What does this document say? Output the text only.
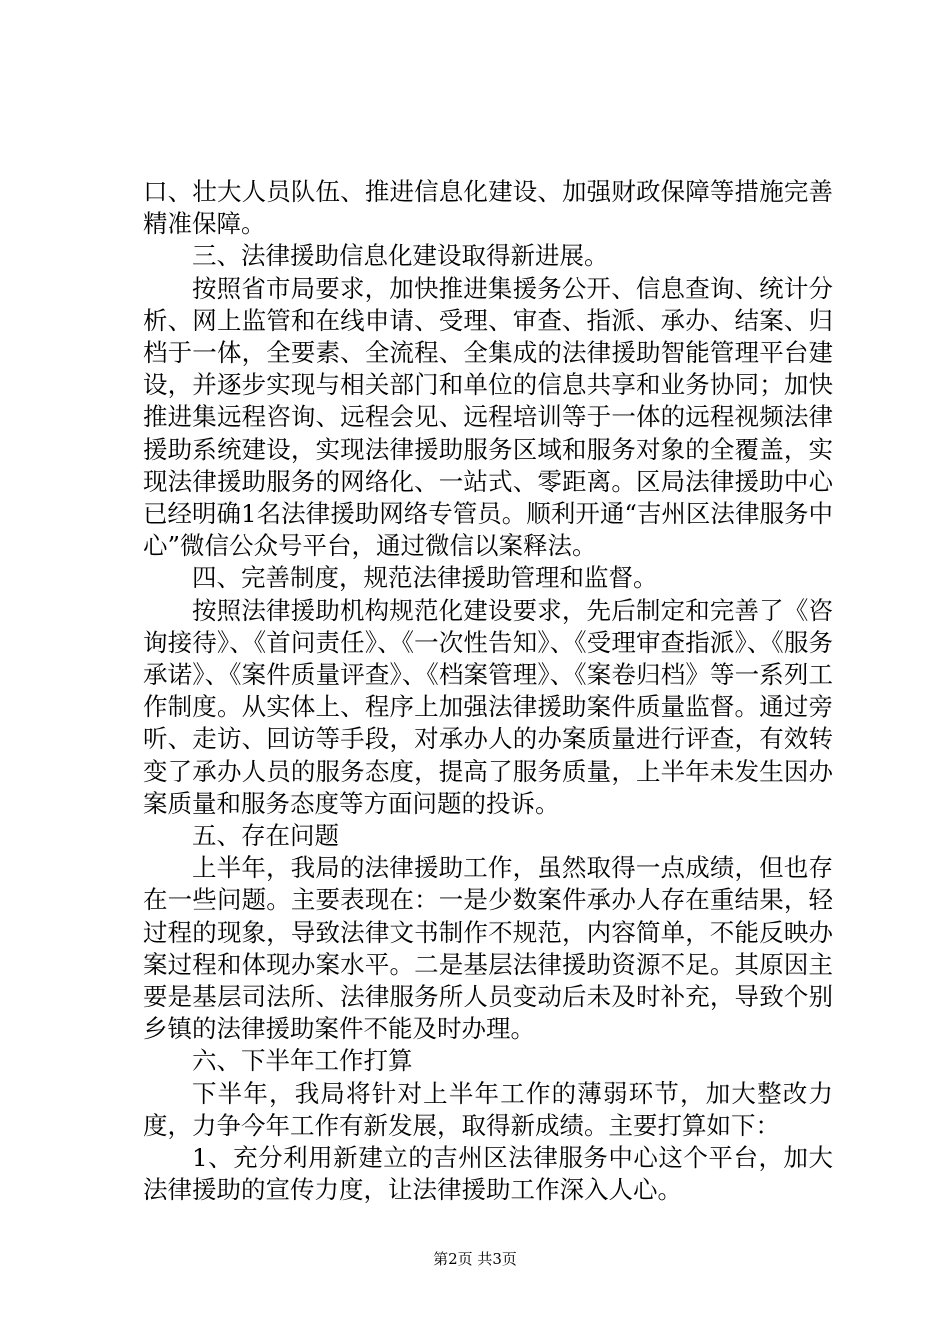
口、壮大人员队伍、推进信息化建设、加强财政保障等措施完善精准保障。

三、法律援助信息化建设取得新进展。

按照省市局要求，加快推进集援务公开、信息查询、统计分析、网上监管和在线申请、受理、审查、指派、承办、结案、归档于一体，全要素、全流程、全集成的法律援助智能管理平台建设，并逐步实现与相关部门和单位的信息共享和业务协同；加快推进集远程咨询、远程会见、远程培训等于一体的远程视频法律援助系统建设，实现法律援助服务区域和服务对象的全覆盖，实现法律援助服务的网络化、一站式、零距离。区局法律援助中心已经明确1名法律援助网络专管员。顺利开通“吉州区法律服务中心”微信公众号平台，通过微信以案释法。

四、完善制度，规范法律援助管理和监督。

按照法律援助机构规范化建设要求，先后制定和完善了《咨询接待》、《首问责任》、《一次性告知》、《受理审查指派》、《服务承诺》、《案件质量评查》、《档案管理》、《案卷归档》等一系列工作制度。从实体上、程序上加强法律援助案件质量监督。通过旁听、走访、回访等手段，对承办人的办案质量进行评查，有效转变了承办人员的服务态度，提高了服务质量，上半年未发生因办案质量和服务态度等方面问题的投诉。

五、存在问题

上半年，我局的法律援助工作，虽然取得一点成绩，但也存在一些问题。主要表现在：一是少数案件承办人存在重结果，轻过程的现象，导致法律文书制作不规范，内容简单，不能反映办案过程和体现办案水平。二是基层法律援助资源不足。其原因主要是基层司法所、法律服务所人员变动后未及时补充，导致个别乡镇的法律援助案件不能及时办理。

六、下半年工作打算

下半年，我局将针对上半年工作的薄弱环节，加大整改力度，力争今年工作有新发展，取得新成绩。主要打算如下：

1、充分利用新建立的吉州区法律服务中心这个平台，加大法律援助的宣传力度，让法律援助工作深入人心。

第2页 共3页
